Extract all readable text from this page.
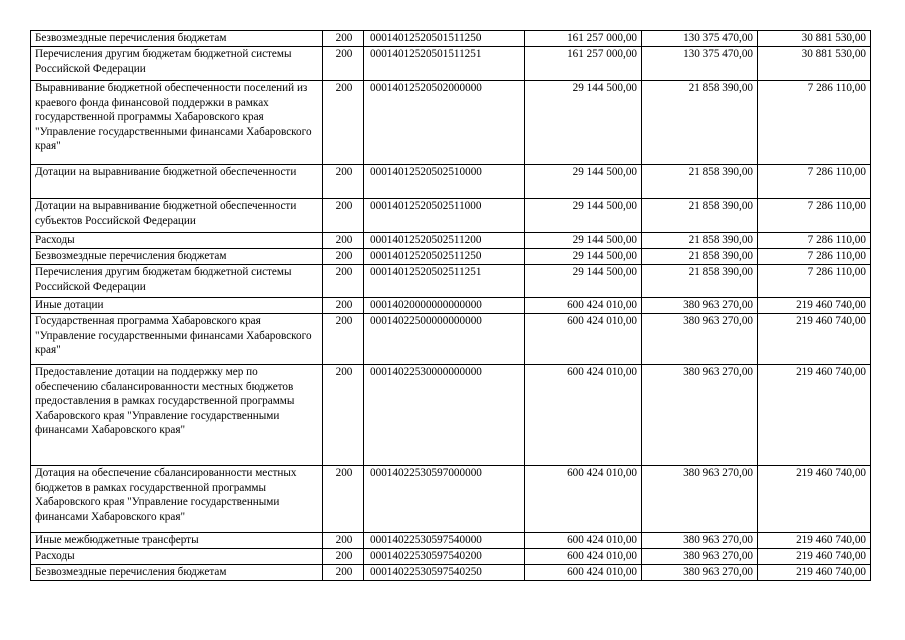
Безвозмездные перечисления бюджетам	200	00014012520501511250	161 257 000,00	130 375 470,00	30 881 530,00
Перечисления другим бюджетам бюджетной системы Российской Федерации	200	00014012520501511251	161 257 000,00	130 375 470,00	30 881 530,00
Выравнивание бюджетной обеспеченности поселений из краевого фонда финансовой поддержки в рамках государственной программы Хабаровского края "Управление государственными финансами Хабаровского края"	200	00014012520502000000	29 144 500,00	21 858 390,00	7 286 110,00
Дотации на выравнивание бюджетной обеспеченности	200	00014012520502510000	29 144 500,00	21 858 390,00	7 286 110,00
Дотации на выравнивание бюджетной обеспеченности субъектов Российской Федерации	200	00014012520502511000	29 144 500,00	21 858 390,00	7 286 110,00
Расходы	200	00014012520502511200	29 144 500,00	21 858 390,00	7 286 110,00
Безвозмездные перечисления бюджетам	200	00014012520502511250	29 144 500,00	21 858 390,00	7 286 110,00
Перечисления другим бюджетам бюджетной системы Российской Федерации	200	00014012520502511251	29 144 500,00	21 858 390,00	7 286 110,00
Иные дотации	200	00014020000000000000	600 424 010,00	380 963 270,00	219 460 740,00
Государственная программа Хабаровского края "Управление государственными финансами Хабаровского края"	200	00014022500000000000	600 424 010,00	380 963 270,00	219 460 740,00
Предоставление дотации на поддержку мер по обеспечению сбалансированности местных бюджетов предоставления в рамках государственной программы Хабаровского края "Управление государственными финансами Хабаровского края"	200	00014022530000000000	600 424 010,00	380 963 270,00	219 460 740,00
Дотация на обеспечение сбалансированности местных бюджетов в рамках государственной программы Хабаровского края "Управление государственными финансами Хабаровского края"	200	00014022530597000000	600 424 010,00	380 963 270,00	219 460 740,00
Иные межбюджетные трансферты	200	00014022530597540000	600 424 010,00	380 963 270,00	219 460 740,00
Расходы	200	00014022530597540200	600 424 010,00	380 963 270,00	219 460 740,00
Безвозмездные перечисления бюджетам	200	00014022530597540250	600 424 010,00	380 963 270,00	219 460 740,00
